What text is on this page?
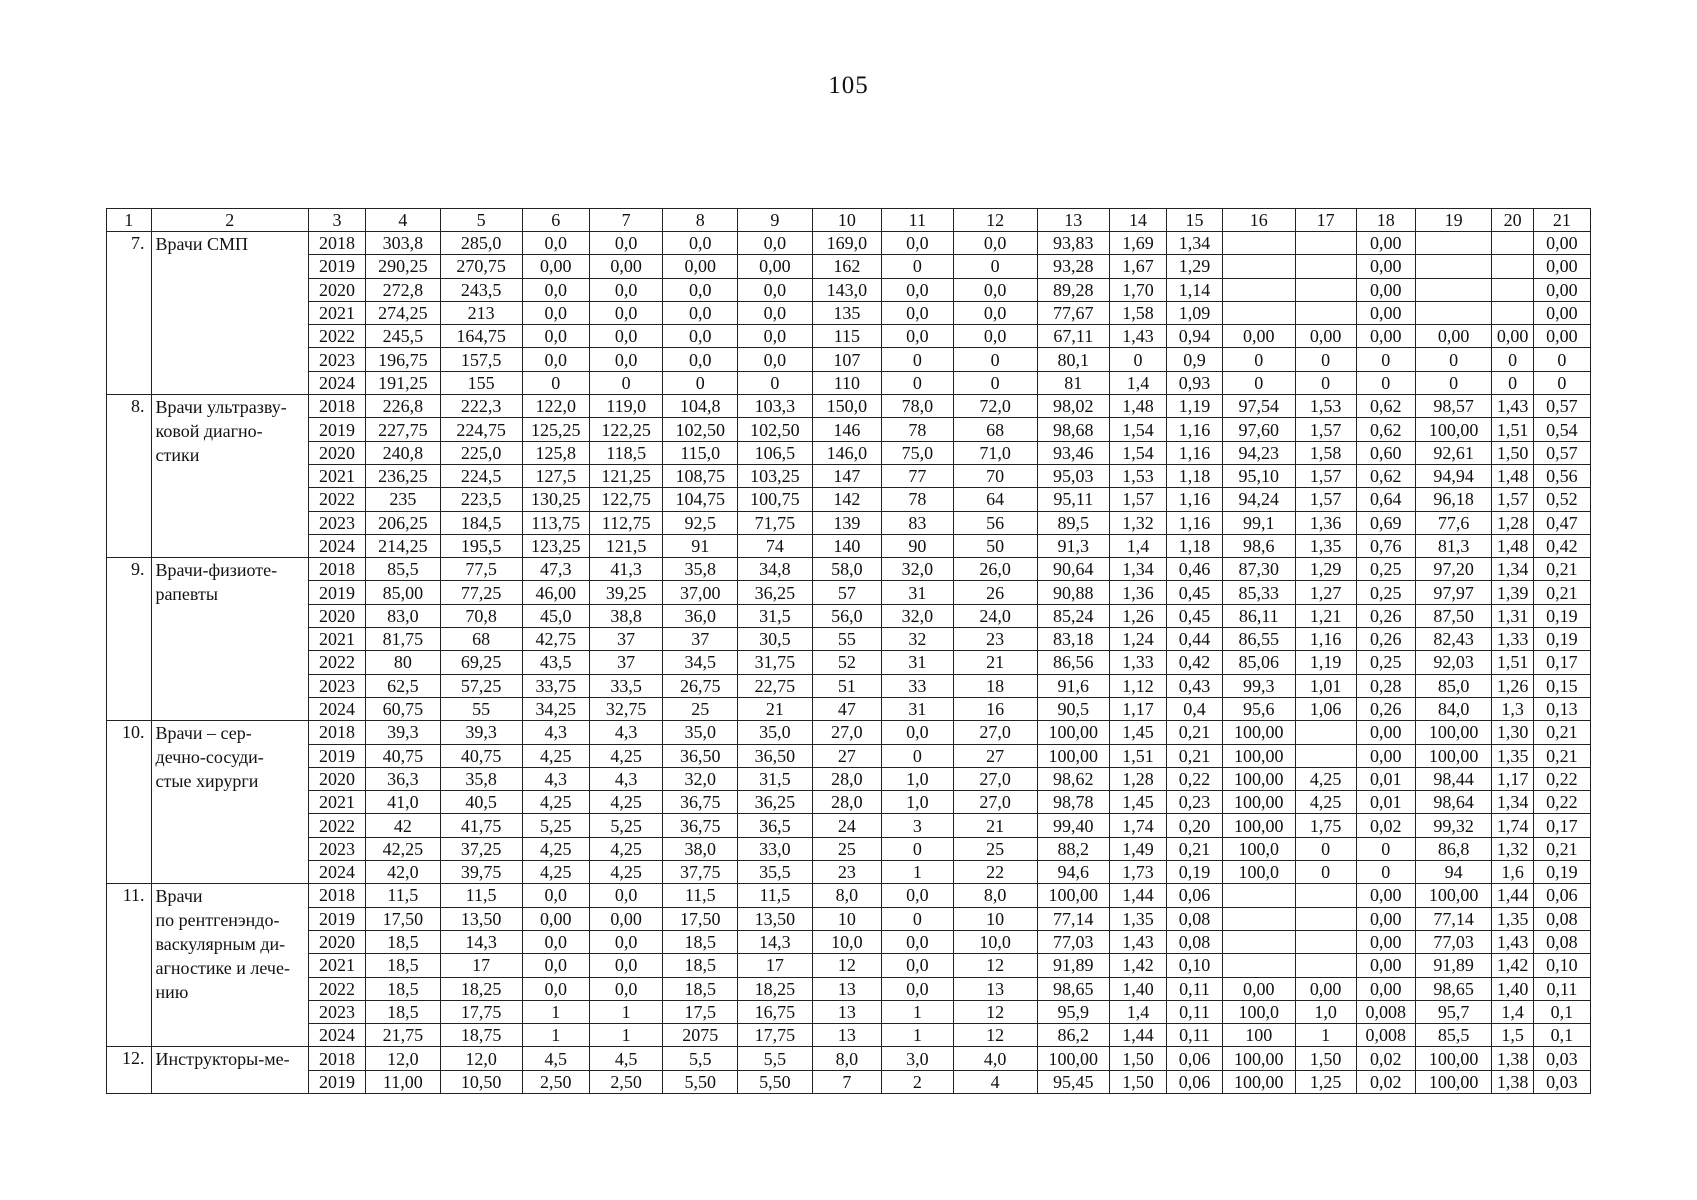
105
1	2	3	4	5	6	7	8	9	10	11	12	13	14	15	16	17	18	19	20	21
7.	Врачи СМП	2018	303,8	285,0	0,0	0,0	0,0	0,0	169,0	0,0	0,0	93,83	1,69	1,34			0,00			0,00
		2019	290,25	270,75	0,00	0,00	0,00	0,00	162	0	0	93,28	1,67	1,29			0,00			0,00
		2020	272,8	243,5	0,0	0,0	0,0	0,0	143,0	0,0	0,0	89,28	1,70	1,14			0,00			0,00
		2021	274,25	213	0,0	0,0	0,0	0,0	135	0,0	0,0	77,67	1,58	1,09			0,00			0,00
		2022	245,5	164,75	0,0	0,0	0,0	0,0	115	0,0	0,0	67,11	1,43	0,94	0,00	0,00	0,00	0,00	0,00	0,00
		2023	196,75	157,5	0,0	0,0	0,0	0,0	107	0	0	80,1	0	0,9	0	0	0	0	0	0
		2024	191,25	155	0	0	0	0	110	0	0	81	1,4	0,93	0	0	0	0	0	0
8.	Врачи ультразву-
ковой диагно-
стики	2018	226,8	222,3	122,0	119,0	104,8	103,3	150,0	78,0	72,0	98,02	1,48	1,19	97,54	1,53	0,62	98,57	1,43	0,57
		2019	227,75	224,75	125,25	122,25	102,50	102,50	146	78	68	98,68	1,54	1,16	97,60	1,57	0,62	100,00	1,51	0,54
		2020	240,8	225,0	125,8	118,5	115,0	106,5	146,0	75,0	71,0	93,46	1,54	1,16	94,23	1,58	0,60	92,61	1,50	0,57
		2021	236,25	224,5	127,5	121,25	108,75	103,25	147	77	70	95,03	1,53	1,18	95,10	1,57	0,62	94,94	1,48	0,56
		2022	235	223,5	130,25	122,75	104,75	100,75	142	78	64	95,11	1,57	1,16	94,24	1,57	0,64	96,18	1,57	0,52
		2023	206,25	184,5	113,75	112,75	92,5	71,75	139	83	56	89,5	1,32	1,16	99,1	1,36	0,69	77,6	1,28	0,47
		2024	214,25	195,5	123,25	121,5	91	74	140	90	50	91,3	1,4	1,18	98,6	1,35	0,76	81,3	1,48	0,42
9.	Врачи-физиоте-
рапевты	2018	85,5	77,5	47,3	41,3	35,8	34,8	58,0	32,0	26,0	90,64	1,34	0,46	87,30	1,29	0,25	97,20	1,34	0,21
		2019	85,00	77,25	46,00	39,25	37,00	36,25	57	31	26	90,88	1,36	0,45	85,33	1,27	0,25	97,97	1,39	0,21
		2020	83,0	70,8	45,0	38,8	36,0	31,5	56,0	32,0	24,0	85,24	1,26	0,45	86,11	1,21	0,26	87,50	1,31	0,19
		2021	81,75	68	42,75	37	37	30,5	55	32	23	83,18	1,24	0,44	86,55	1,16	0,26	82,43	1,33	0,19
		2022	80	69,25	43,5	37	34,5	31,75	52	31	21	86,56	1,33	0,42	85,06	1,19	0,25	92,03	1,51	0,17
		2023	62,5	57,25	33,75	33,5	26,75	22,75	51	33	18	91,6	1,12	0,43	99,3	1,01	0,28	85,0	1,26	0,15
		2024	60,75	55	34,25	32,75	25	21	47	31	16	90,5	1,17	0,4	95,6	1,06	0,26	84,0	1,3	0,13
10.	Врачи – сер-
дечно-сосуди-
стые хирурги	2018	39,3	39,3	4,3	4,3	35,0	35,0	27,0	0,0	27,0	100,00	1,45	0,21	100,00		0,00	100,00	1,30	0,21
		2019	40,75	40,75	4,25	4,25	36,50	36,50	27	0	27	100,00	1,51	0,21	100,00		0,00	100,00	1,35	0,21
		2020	36,3	35,8	4,3	4,3	32,0	31,5	28,0	1,0	27,0	98,62	1,28	0,22	100,00	4,25	0,01	98,44	1,17	0,22
		2021	41,0	40,5	4,25	4,25	36,75	36,25	28,0	1,0	27,0	98,78	1,45	0,23	100,00	4,25	0,01	98,64	1,34	0,22
		2022	42	41,75	5,25	5,25	36,75	36,5	24	3	21	99,40	1,74	0,20	100,00	1,75	0,02	99,32	1,74	0,17
		2023	42,25	37,25	4,25	4,25	38,0	33,0	25	0	25	88,2	1,49	0,21	100,0	0	0	86,8	1,32	0,21
		2024	42,0	39,75	4,25	4,25	37,75	35,5	23	1	22	94,6	1,73	0,19	100,0	0	0	94	1,6	0,19
11.	Врачи
по рентгенэндо-
васкулярным ди-
агностике и лече-
нию	2018	11,5	11,5	0,0	0,0	11,5	11,5	8,0	0,0	8,0	100,00	1,44	0,06			0,00	100,00	1,44	0,06
		2019	17,50	13,50	0,00	0,00	17,50	13,50	10	0	10	77,14	1,35	0,08			0,00	77,14	1,35	0,08
		2020	18,5	14,3	0,0	0,0	18,5	14,3	10,0	0,0	10,0	77,03	1,43	0,08			0,00	77,03	1,43	0,08
		2021	18,5	17	0,0	0,0	18,5	17	12	0,0	12	91,89	1,42	0,10			0,00	91,89	1,42	0,10
		2022	18,5	18,25	0,0	0,0	18,5	18,25	13	0,0	13	98,65	1,40	0,11	0,00	0,00	0,00	98,65	1,40	0,11
		2023	18,5	17,75	1	1	17,5	16,75	13	1	12	95,9	1,4	0,11	100,0	1,0	0,008	95,7	1,4	0,1
		2024	21,75	18,75	1	1	2075	17,75	13	1	12	86,2	1,44	0,11	100	1	0,008	85,5	1,5	0,1
12.	Инструкторы-ме-	2018	12,0	12,0	4,5	4,5	5,5	5,5	8,0	3,0	4,0	100,00	1,50	0,06	100,00	1,50	0,02	100,00	1,38	0,03
		2019	11,00	10,50	2,50	2,50	5,50	5,50	7	2	4	95,45	1,50	0,06	100,00	1,25	0,02	100,00	1,38	0,03
